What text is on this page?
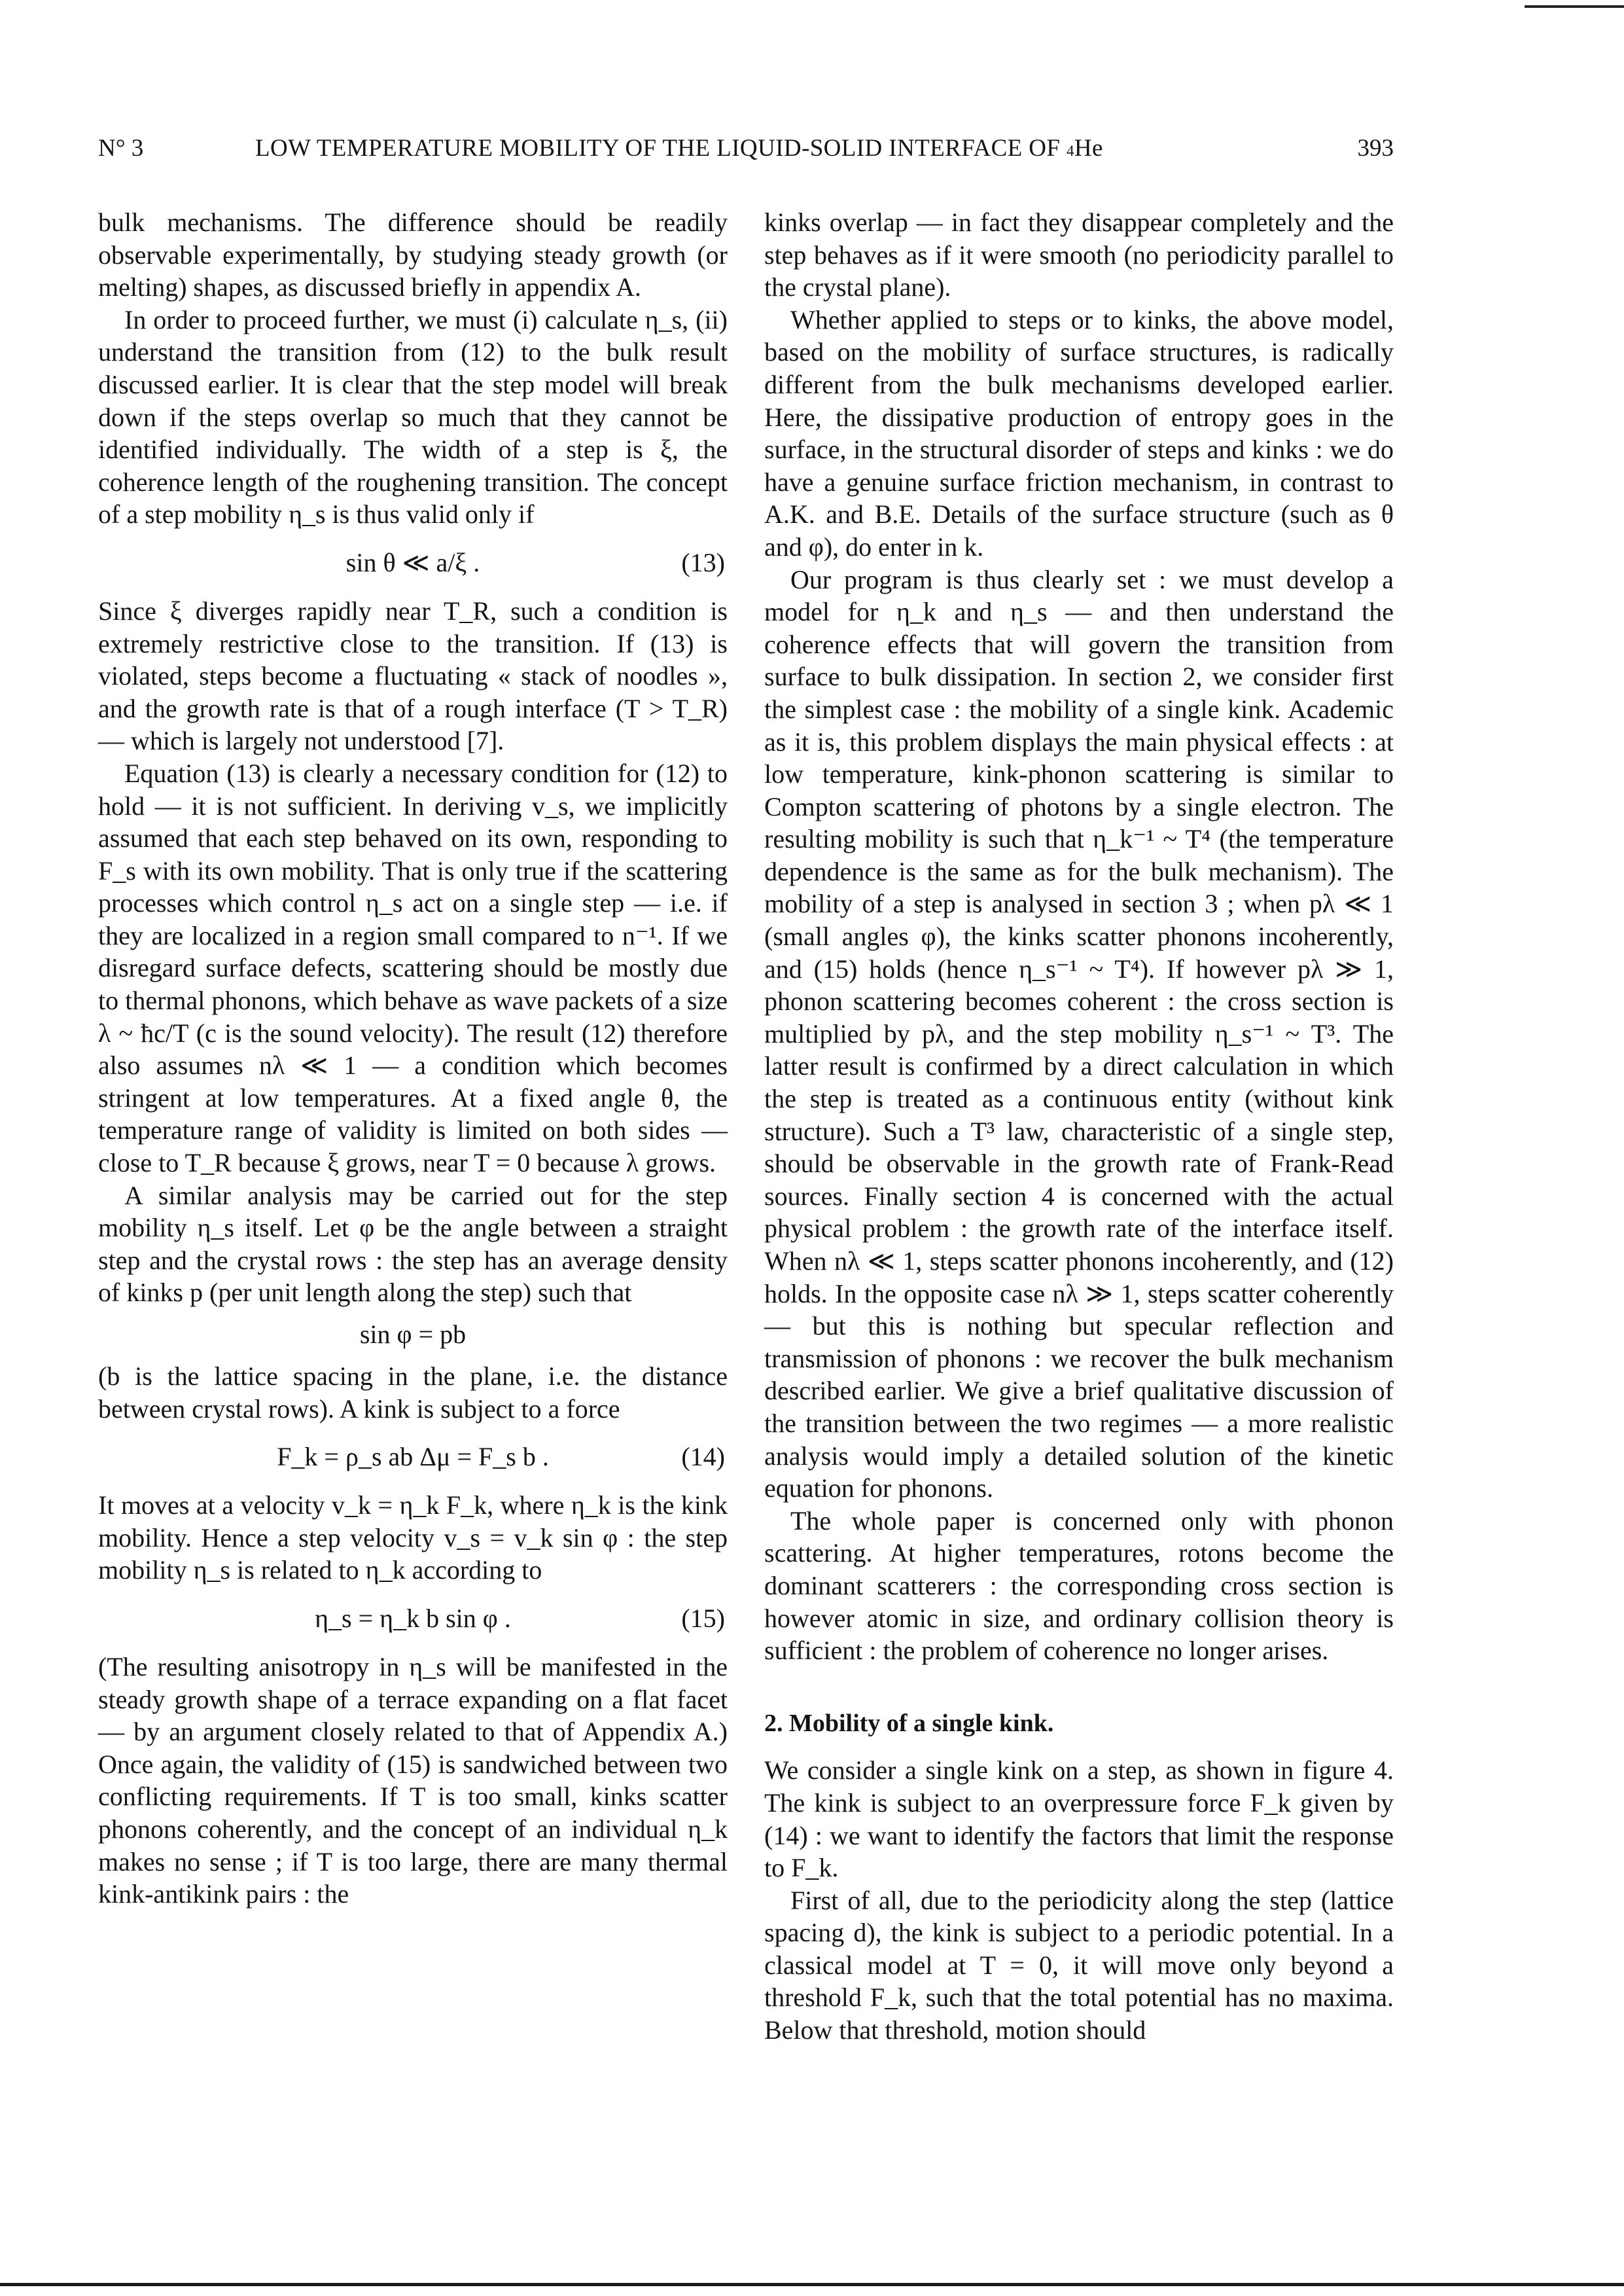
N° 3	LOW TEMPERATURE MOBILITY OF THE LIQUID-SOLID INTERFACE OF $^4$He	393

bulk mechanisms. The difference should be readily observable experimentally, by studying steady growth (or melting) shapes, as discussed briefly in appendix A.

In order to proceed further, we must (i) calculate η_s, (ii) understand the transition from (12) to the bulk result discussed earlier. It is clear that the step model will break down if the steps overlap so much that they cannot be identified individually. The width of a step is ξ, the coherence length of the roughening transition. The concept of a step mobility η_s is thus valid only if

sin θ ≪ a/ξ .	(13)

Since ξ diverges rapidly near T_R, such a condition is extremely restrictive close to the transition. If (13) is violated, steps become a fluctuating « stack of noodles », and the growth rate is that of a rough interface (T > T_R) — which is largely not understood [7].

Equation (13) is clearly a necessary condition for (12) to hold — it is not sufficient. In deriving v_s, we implicitly assumed that each step behaved on its own, responding to F_s with its own mobility. That is only true if the scattering processes which control η_s act on a single step — i.e. if they are localized in a region small compared to n⁻¹. If we disregard surface defects, scattering should be mostly due to thermal phonons, which behave as wave packets of a size λ ~ ħc/T (c is the sound velocity). The result (12) therefore also assumes nλ ≪ 1 — a condition which becomes stringent at low temperatures. At a fixed angle θ, the temperature range of validity is limited on both sides — close to T_R because ξ grows, near T = 0 because λ grows.

A similar analysis may be carried out for the step mobility η_s itself. Let φ be the angle between a straight step and the crystal rows : the step has an average density of kinks p (per unit length along the step) such that

sin φ = pb

(b is the lattice spacing in the plane, i.e. the distance between crystal rows). A kink is subject to a force

F_k = ρ_s ab Δμ = F_s b .	(14)

It moves at a velocity v_k = η_k F_k, where η_k is the kink mobility. Hence a step velocity v_s = v_k sin φ : the step mobility η_s is related to η_k according to

η_s = η_k b sin φ .	(15)

(The resulting anisotropy in η_s will be manifested in the steady growth shape of a terrace expanding on a flat facet — by an argument closely related to that of Appendix A.) Once again, the validity of (15) is sandwiched between two conflicting requirements. If T is too small, kinks scatter phonons coherently, and the concept of an individual η_k makes no sense ; if T is too large, there are many thermal kink-antikink pairs : the

kinks overlap — in fact they disappear completely and the step behaves as if it were smooth (no periodicity parallel to the crystal plane).

Whether applied to steps or to kinks, the above model, based on the mobility of surface structures, is radically different from the bulk mechanisms developed earlier. Here, the dissipative production of entropy goes in the surface, in the structural disorder of steps and kinks : we do have a genuine surface friction mechanism, in contrast to A.K. and B.E. Details of the surface structure (such as θ and φ), do enter in k.

Our program is thus clearly set : we must develop a model for η_k and η_s — and then understand the coherence effects that will govern the transition from surface to bulk dissipation. In section 2, we consider first the simplest case : the mobility of a single kink. Academic as it is, this problem displays the main physical effects : at low temperature, kink-phonon scattering is similar to Compton scattering of photons by a single electron. The resulting mobility is such that η_k⁻¹ ~ T⁴ (the temperature dependence is the same as for the bulk mechanism). The mobility of a step is analysed in section 3 ; when pλ ≪ 1 (small angles φ), the kinks scatter phonons incoherently, and (15) holds (hence η_s⁻¹ ~ T⁴). If however pλ ≫ 1, phonon scattering becomes coherent : the cross section is multiplied by pλ, and the step mobility η_s⁻¹ ~ T³. The latter result is confirmed by a direct calculation in which the step is treated as a continuous entity (without kink structure). Such a T³ law, characteristic of a single step, should be observable in the growth rate of Frank-Read sources. Finally section 4 is concerned with the actual physical problem : the growth rate of the interface itself. When nλ ≪ 1, steps scatter phonons incoherently, and (12) holds. In the opposite case nλ ≫ 1, steps scatter coherently — but this is nothing but specular reflection and transmission of phonons : we recover the bulk mechanism described earlier. We give a brief qualitative discussion of the transition between the two regimes — a more realistic analysis would imply a detailed solution of the kinetic equation for phonons.

The whole paper is concerned only with phonon scattering. At higher temperatures, rotons become the dominant scatterers : the corresponding cross section is however atomic in size, and ordinary collision theory is sufficient : the problem of coherence no longer arises.

2. Mobility of a single kink.

We consider a single kink on a step, as shown in figure 4. The kink is subject to an overpressure force F_k given by (14) : we want to identify the factors that limit the response to F_k.

First of all, due to the periodicity along the step (lattice spacing d), the kink is subject to a periodic potential. In a classical model at T = 0, it will move only beyond a threshold F_k, such that the total potential has no maxima. Below that threshold, motion should
